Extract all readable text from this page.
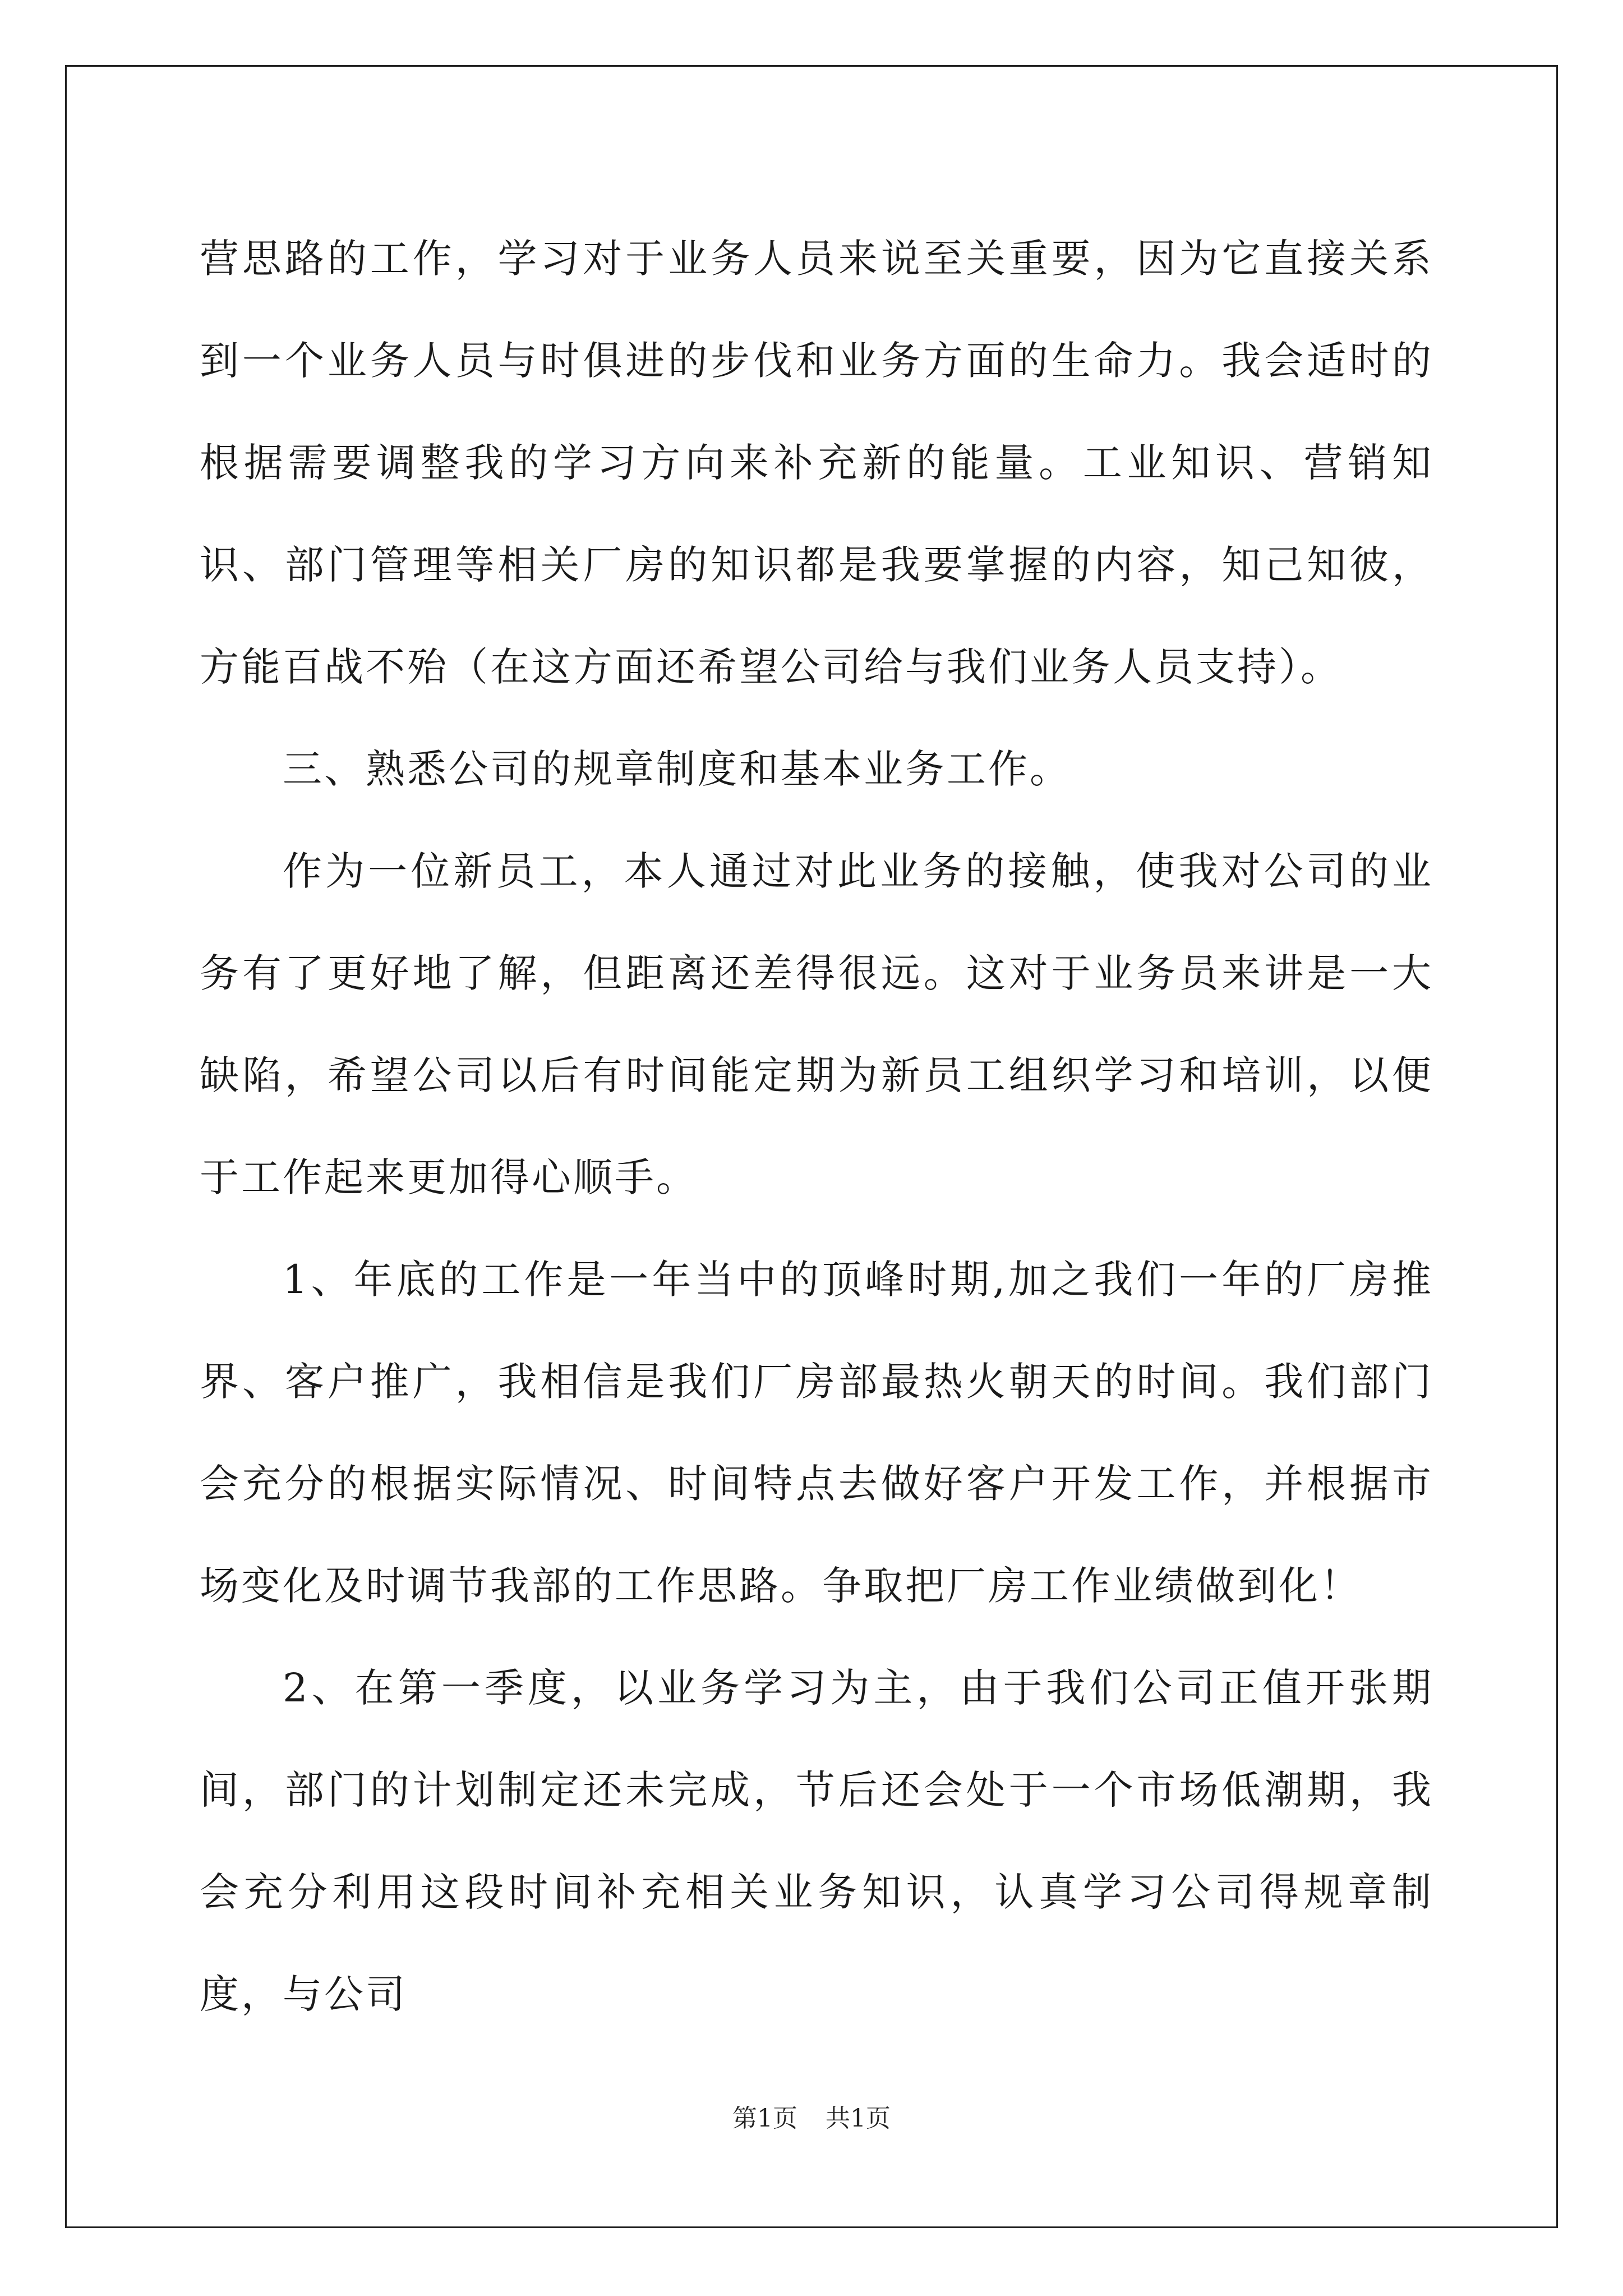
营思路的工作，学习对于业务人员来说至关重要，因为它直接关系到一个业务人员与时俱进的步伐和业务方面的生命力。我会适时的根据需要调整我的学习方向来补充新的能量。工业知识、营销知识、部门管理等相关厂房的知识都是我要掌握的内容，知己知彼，方能百战不殆（在这方面还希望公司给与我们业务人员支持）。

三、熟悉公司的规章制度和基本业务工作。

作为一位新员工，本人通过对此业务的接触，使我对公司的业务有了更好地了解，但距离还差得很远。这对于业务员来讲是一大缺陷，希望公司以后有时间能定期为新员工组织学习和培训，以便于工作起来更加得心顺手。

1、年底的工作是一年当中的顶峰时期,加之我们一年的厂房推界、客户推广，我相信是我们厂房部最热火朝天的时间。我们部门会充分的根据实际情况、时间特点去做好客户开发工作，并根据市场变化及时调节我部的工作思路。争取把厂房工作业绩做到化！

2、在第一季度，以业务学习为主，由于我们公司正值开张期间，部门的计划制定还未完成，节后还会处于一个市场低潮期，我会充分利用这段时间补充相关业务知识，认真学习公司得规章制度，与公司

第1页 共1页
